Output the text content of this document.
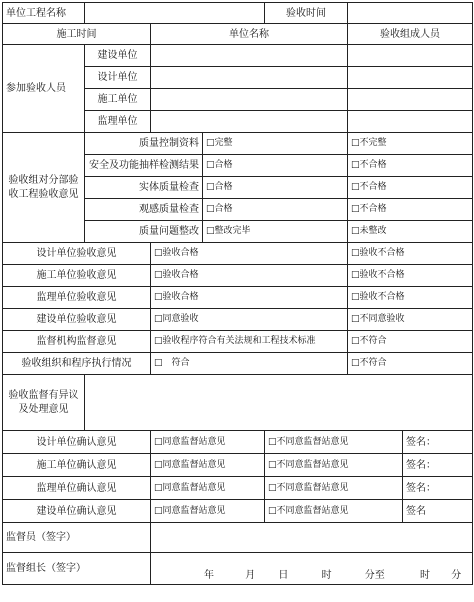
单位工程名称				验收时间		
施工时间		单位名称			验收组成人员	
参加验收人员	建设单位					
	设计单位					
	施工单位					
	监理单位					
验收组对分部验收工程验收意见	质量控制资料		□完整		□不完整	
	安全及功能抽样检测结果		□合格		□不合格	
	实体质量检查		□合格		□不合格	
	观感质量检查		□合格		□不合格	
	质量问题整改		□整改完毕		□未整改	
设计单位验收意见		□验收合格			□验收不合格	
施工单位验收意见		□验收合格			□验收不合格	
监理单位验收意见		□验收合格			□验收不合格	
建设单位验收意见		□同意验收			□不同意验收	
监督机构监督意见		□验收程序符合有关法规和工程技术标准			□不符合	
验收组织和程序执行情况		□　符合			□不符合	
验收监督有异议及处理意见						
设计单位确认意见		□同意监督站意见		□不同意监督站意见		签名：
施工单位确认意见		□同意监督站意见		□不同意监督站意见		签名：
监理单位确认意见		□同意监督站意见		□不同意监督站意见		签名：
建设单位确认意见		□同意监督站意见		□不同意监督站意见		签名
监督员（签字）						
监督组长（签字）		年 月 日 时 分至 时 分				
